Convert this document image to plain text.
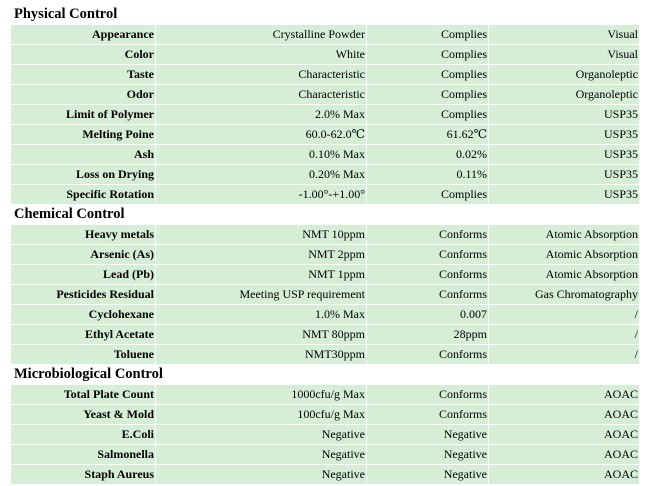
Physical Control			
Appearance	Crystalline Powder	Complies	Visual
Color	White	Complies	Visual
Taste	Characteristic	Complies	Organoleptic
Odor	Characteristic	Complies	Organoleptic
Limit of Polymer	2.0% Max	Complies	USP35
Melting Poine	60.0-62.0℃	61.62℃	USP35
Ash	0.10% Max	0.02%	USP35
Loss on Drying	0.20% Max	0.11%	USP35
Specific Rotation	-1.00°-+1.00°	Complies	USP35
Chemical Control			
Heavy metals	NMT 10ppm	Conforms	Atomic Absorption
Arsenic (As)	NMT 2ppm	Conforms	Atomic Absorption
Lead (Pb)	NMT 1ppm	Conforms	Atomic Absorption
Pesticides Residual	Meeting USP requirement	Conforms	Gas Chromatography
Cyclohexane	1.0% Max	0.007	/
Ethyl Acetate	NMT 80ppm	28ppm	/
Toluene	NMT30ppm	Conforms	/
Microbiological Control			
Total Plate Count	1000cfu/g Max	Conforms	AOAC
Yeast & Mold	100cfu/g Max	Conforms	AOAC
E.Coli	Negative	Negative	AOAC
Salmonella	Negative	Negative	AOAC
Staph Aureus	Negative	Negative	AOAC
